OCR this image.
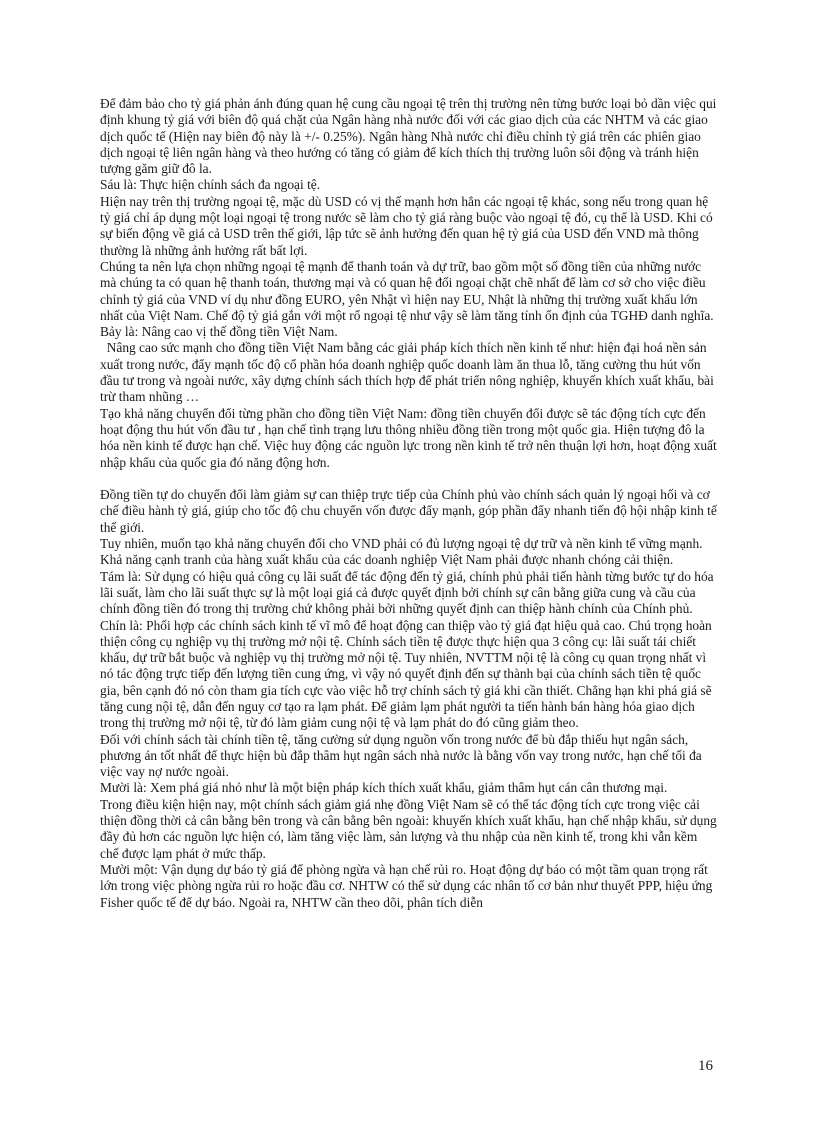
Để đảm bảo cho tỷ giá phản ánh đúng quan hệ cung cầu ngoại tệ trên thị trường nên từng bước loại bỏ dần việc qui định khung tỷ giá với biên độ quá chặt của Ngân hàng nhà nước đối với các giao dịch của các NHTM và các giao dịch quốc tế (Hiện nay biên độ này là +/- 0.25%). Ngân hàng Nhà nước chỉ điều chỉnh tỷ giá trên các phiên giao dịch ngoại tệ liên ngân hàng và theo hướng có tăng có giảm để kích thích thị trường luôn sôi động và tránh hiện tượng găm giữ đô la.

Sáu là: Thực hiện chính sách đa ngoại tệ.

Hiện nay trên thị trường ngoại tệ, mặc dù USD có vị thế mạnh hơn hẳn các ngoại tệ khác, song nếu trong quan hệ tỷ giá chỉ áp dụng một loại ngoại tệ trong nước sẽ làm cho tỷ giá ràng buộc vào ngoại tệ đó, cụ thể là USD. Khi có sự biến động về giá cả USD trên thế giới, lập tức sẽ ảnh hưởng đến quan hệ tỷ giá của USD đến VND mà thông thường là những ảnh hưởng rất bất lợi.

Chúng ta nên lựa chọn những ngoại tệ mạnh để thanh toán và dự trữ, bao gồm một số đồng tiền của những nước mà chúng ta có quan hệ thanh toán, thương mại và có quan hệ đối ngoại chặt chẽ nhất để làm cơ sở cho việc điều chỉnh tỷ giá của VND ví dụ như đồng EURO, yên Nhật vì hiện nay EU, Nhật là những thị trường xuất khẩu lớn nhất của Việt Nam. Chế độ tỷ giá gắn với một rổ ngoại tệ như vậy sẽ làm tăng tính ổn định của TGHĐ danh nghĩa.

Bảy là: Nâng cao vị thế đồng tiền Việt Nam.

Nâng cao sức mạnh cho đồng tiền Việt Nam bằng các giải pháp kích thích nền kinh tế như: hiện đại hoá nền sản xuất trong nước, đẩy mạnh tốc độ cổ phần hóa doanh nghiệp quốc doanh làm ăn thua lỗ, tăng cường thu hút vốn đầu tư trong và ngoài nước, xây dựng chính sách thích hợp để phát triển nông nghiệp, khuyến khích xuất khẩu, bài trừ tham nhũng …

Tạo khả năng chuyển đổi từng phần cho đồng tiền Việt Nam: đồng tiền chuyển đổi được sẽ tác động tích cực đến hoạt động thu hút vốn đầu tư , hạn chế tình trạng lưu thông nhiều đồng tiền trong một quốc gia. Hiện tượng đô la hóa nền kinh tế được hạn chế. Việc huy động các nguồn lực trong nền kinh tế trở nên thuận lợi hơn, hoạt động xuất nhập khẩu của quốc gia đó năng động hơn.

Đồng tiền tự do chuyển đổi làm giảm sự can thiệp trực tiếp của Chính phủ vào chính sách quản lý ngoại hối và cơ chế điều hành tỷ giá, giúp cho tốc độ chu chuyển vốn được đẩy mạnh, góp phần đẩy nhanh tiến độ hội nhập kinh tế thế giới.

Tuy nhiên, muốn tạo khả năng chuyển đổi cho VND phải có đủ lượng ngoại tệ dự trữ và nền kinh tế vững mạnh. Khả năng cạnh tranh của hàng xuất khẩu của các doanh nghiệp Việt Nam phải được nhanh chóng cải thiện.

Tám là: Sử dụng có hiệu quả công cụ lãi suất để tác động đến tỷ giá, chính phủ phải tiến hành từng bước tự do hóa lãi suất, làm cho lãi suất thực sự là một loại giá cả được quyết định bởi chính sự cân bằng giữa cung và cầu của chính đồng tiền đó trong thị trường chứ không phải bởi những quyết định can thiệp hành chính của Chính phủ.

Chín là: Phối hợp các chính sách kinh tế vĩ mô để hoạt động can thiệp vào tỷ giá đạt hiệu quả cao. Chú trọng hoàn thiện công cụ nghiệp vụ thị trường mở nội tệ. Chính sách tiền tệ được thực hiện qua 3 công cụ: lãi suất tái chiết khấu, dự trữ bắt buộc và nghiệp vụ thị trường mở nội tệ. Tuy nhiên, NVTTM nội tệ là công cụ quan trọng nhất vì nó tác động trực tiếp đến lượng tiền cung ứng, vì vậy nó quyết định đến sự thành bại của chính sách tiền tệ quốc gia, bên cạnh đó nó còn tham gia tích cực vào việc hỗ trợ chính sách tỷ giá khi cần thiết. Chẳng hạn khi phá giá sẽ tăng cung nội tệ, dẫn đến nguy cơ tạo ra lạm phát. Để giảm lạm phát người ta tiến hành bán hàng hóa giao dịch trong thị trường mở nội tệ, từ đó làm giảm cung nội tệ và lạm phát do đó cũng giảm theo.

Đối với chính sách tài chính tiền tệ, tăng cường sử dụng nguồn vốn trong nước để bù đắp thiếu hụt ngân sách, phương án tốt nhất để thực hiện bù đắp thâm hụt ngân sách nhà nước là bằng vốn vay trong nước, hạn chế tối đa việc vay nợ nước ngoài.

Mười là: Xem phá giá nhỏ như là một biện pháp kích thích xuất khẩu, giảm thâm hụt cán cân thương mại.

Trong điều kiện hiện nay, một chính sách giảm giá nhẹ đồng Việt Nam sẽ có thể tác động tích cực trong việc cải thiện đồng thời cả cân bằng bên trong và cân bằng bên ngoài: khuyến khích xuất khẩu, hạn chế nhập khẩu, sử dụng đầy đủ hơn các nguồn lực hiện có, làm tăng việc làm, sản lượng và thu nhập của nền kinh tế, trong khi vẫn kềm chế được lạm phát ở mức thấp.

Mười một: Vận dụng dự báo tỷ giá để phòng ngừa và hạn chế rủi ro. Hoạt động dự báo có một tầm quan trọng rất lớn trong việc phòng ngừa rủi ro hoặc đầu cơ. NHTW có thể sử dụng các nhân tố cơ bản như thuyết PPP, hiệu ứng Fisher quốc tế để dự báo. Ngoài ra, NHTW cần theo dõi, phân tích diễn

16
